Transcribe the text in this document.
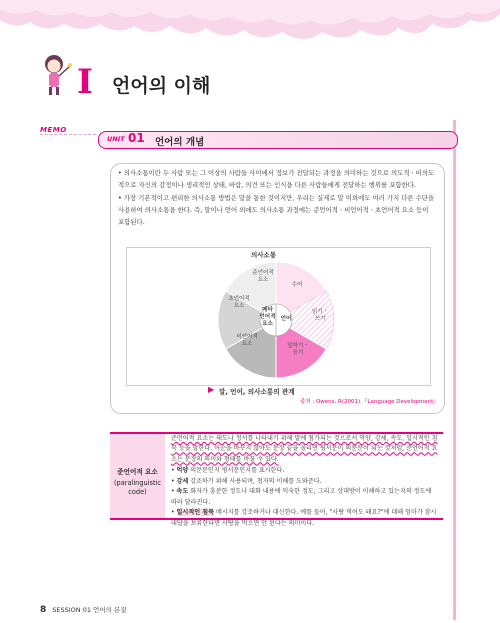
I 언어의 이해
MEMO
UNIT 01 언어의 개념

• 의사소통이란 두 사람 또는 그 이상의 사람들 사이에서 정보가 전달되는 과정을 의미하는 것으로 의도적ㆍ비의도적으로 자신의 감정이나 생리적인 상태, 바람, 의견 또는 인식을 다른 사람들에게 전달하는 행위를 포함한다.

• 가장 기본적이고 편리한 의사소통 방법은 말을 통한 것이지만, 우리는 실제로 말 이외에도 여러 가지 다른 수단을 사용하여 의사소통을 한다. 즉, 말이나 언어 외에도 의사소통 과정에는 준언어적ㆍ비언어적ㆍ초언어적 요소 등이 포함된다.

의사소통
준언어적
요소
수어
읽기ㆍ
쓰기
말하기ㆍ
듣기
비언어적
요소
초언어적
요소
메타
언어적
요소
언어
▶ 말, 언어, 의사소통의 관계
출처 : Owens, R(2001).『Language Development』
준언어적 요소
(paralinguistic code)
준언어적 요소는 태도나 정서를 나타내기 위해 말에 첨가되는 것으로서 억양, 강세, 속도, 일시적인 침묵 등을 말한다. 어순을 바꾸지 않아도 문장 끝을 올리면 평서문이 의문문이 되는 것처럼, 준언어적 요소는 문장의 의미와 형태를 바꿀 수 있다.
• 억양 의문문인지 평서문인지를 표시한다.
• 강세 강조하기 위해 사용되며, 청자의 이해를 도와준다.
• 속도 화자가 흥분한 정도나 대화 내용에 익숙한 정도, 그리고 상대방이 이해하고 있는지의 정도에 따라 달라진다.
• 일시적인 침묵 메시지를 강조하거나 대신한다. 예를 들어, "사탕 먹어도 돼요?"에 대해 엄마가 잠시 대답을 보류한다면 사탕을 먹으면 안 된다는 의미이다.
8 SESSION 01 언어의 본질
